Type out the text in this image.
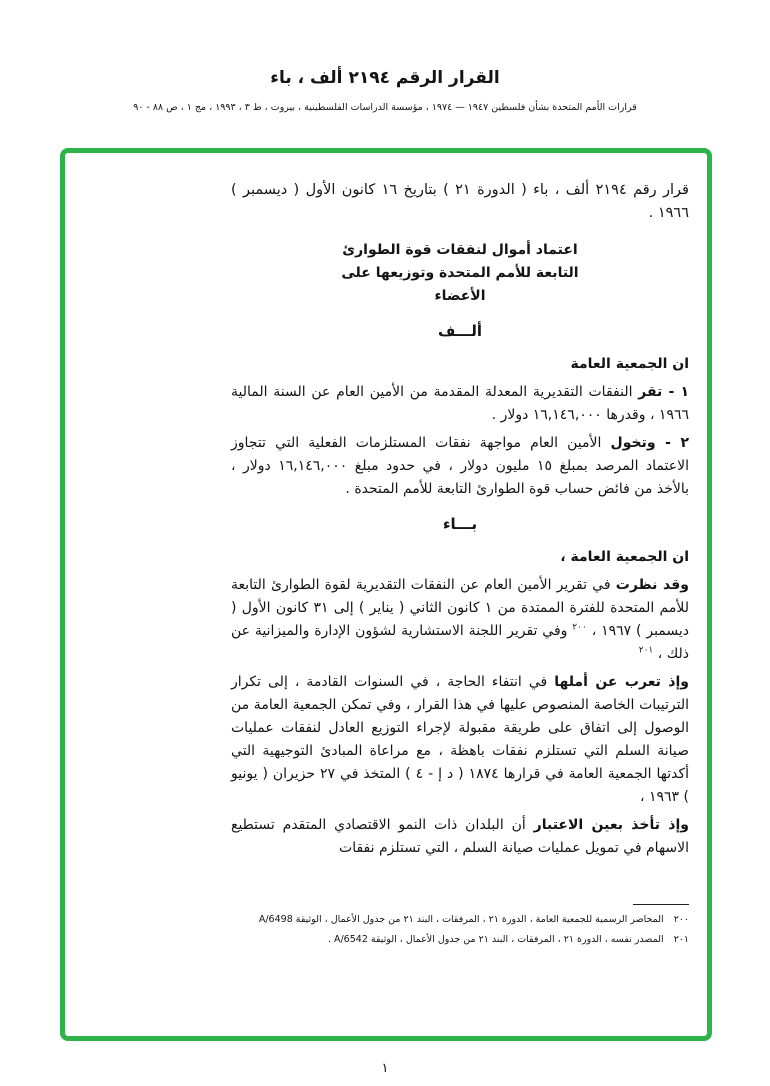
القرار الرقم ٢١٩٤ ألف ، باء
قرارات الأمم المتحدة بشأن فلسطين ١٩٤٧ — ١٩٧٤ ، مؤسسة الدراسات الفلسطينية ، بيروت ، ط ٣ ، ١٩٩٣ ، مج ١ ، ص ٨٨ - ٩٠

قرار رقم ٢١٩٤ ألف ، باء ( الدورة ٢١ ) بتاريخ ١٦ كانون الأول ( ديسمبر ) ١٩٦٦ .

اعتماد أموال لنفقات قوة الطوارئ
التابعة للأمم المتحدة وتوزيعها على
الأعضاء
ألـــف

ان الجمعية العامة

١ - تقر النفقات التقديرية المعدلة المقدمة من الأمين العام عن السنة المالية ١٩٦٦ ، وقدرها ١٦,١٤٦,٠٠٠ دولار .

٢ - وتخول الأمين العام مواجهة نفقات المستلزمات الفعلية التي تتجاوز الاعتماد المرصد بمبلغ ١٥ مليون دولار ، في حدود مبلغ ١٦,١٤٦,٠٠٠ دولار ، بالأخذ من فائض حساب قوة الطوارئ التابعة للأمم المتحدة .

بـــاء

ان الجمعية العامة ،

وقد نظرت في تقرير الأمين العام عن النفقات التقديرية لقوة الطوارئ التابعة للأمم المتحدة للفترة الممتدة من ١ كانون الثاني ( يناير ) إلى ٣١ كانون الأول ( ديسمبر ) ١٩٦٧ ، $^{٢٠٠}$ وفي تقرير اللجنة الاستشارية لشؤون الإدارة والميزانية عن ذلك ، $^{٢٠١}$

وإذ تعرب عن أملها في انتفاء الحاجة ، في السنوات القادمة ، إلى تكرار الترتيبات الخاصة المنصوص عليها في هذا القرار ، وفي تمكن الجمعية العامة من الوصول إلى اتفاق على طريقة مقبولة لإجراء التوزيع العادل لنفقات عمليات صيانة السلم التي تستلزم نفقات باهظة ، مع مراعاة المبادئ التوجيهية التي أكدتها الجمعية العامة في قرارها ١٨٧٤ ( د إ - ٤ ) المتخذ في ٢٧ حزيران ( يونيو ) ١٩٦٣ ،

وإذ تأخذ بعين الاعتبار أن البلدان ذات النمو الاقتصادي المتقدم تستطيع الاسهام في تمويل عمليات صيانة السلم ، التي تستلزم نفقات

٢٠٠المحاضر الرسمية للجمعية العامة ، الدورة ٢١ ، المرفقات ، البند ٢١ من جدول الأعمال ، الوثيقة A/6498
٢٠١المصدر نفسه ، الدورة ٢١ ، المرفقات ، البند ٢١ من جدول الأعمال ، الوثيقة A/6542 .
١
